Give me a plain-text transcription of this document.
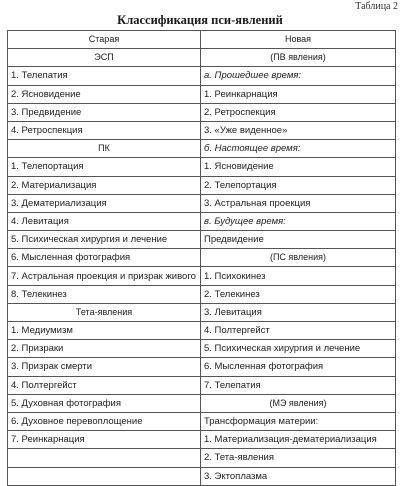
Таблица 2
Классификация пси-явлений
Старая	Новая
ЭСП	(ПВ явления)
1. Телепатия	а. Прошедшее время:
2. Ясновидение	1. Реинкарнация
3. Предвидение	2. Ретроспекция
4. Ретроспекция	3. «Уже виденное»
ПК	б. Настоящее время:
1. Телепортация	1. Ясновидение
2. Материализация	2. Телепортация
3. Дематериализация	3. Астральная проекция
4. Левитация	в. Будущее время:
5. Психическая хирургия и лечение	Предвидение
6. Мысленная фотография	(ПС явления)
7. Астральная проекция и призрак живого	1. Психокинез
8. Телекинез	2. Телекинез
Тета-явления	3. Левитация
1. Медиумизм	4. Полтергейст
2. Призраки	5. Психическая хирургия и лечение
3. Призрак смерти	6. Мысленная фотография
4. Полтергейст	7. Телепатия
5. Духовная фотография	(МЭ явления)
6. Духовное перевоплощение	Трансформация материи:
7. Реинкарнация	1. Материализация-дематериализация
	2. Тета-явления
	3. Эктоплазма
